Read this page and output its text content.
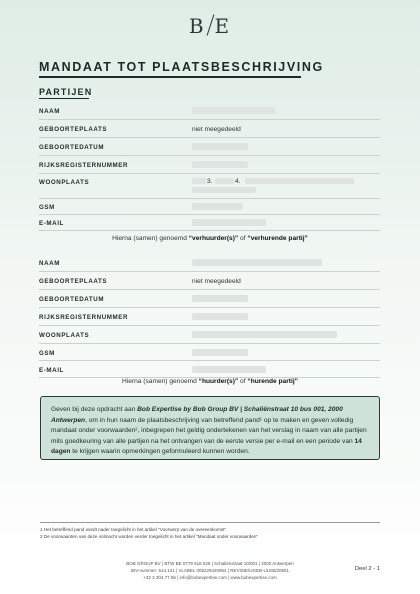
B E
MANDAAT TOT PLAATSBESCHRIJVING
PARTIJEN
NAAM
GEBOORTEPLAATS	niet meegedeeld
GEBOORTEDATUM
RIJKSREGISTERNUMMER
WOONPLAATS	3.	4.
GSM
E-MAIL
Hierna (samen) genoemd “verhuurder(s)” of “verhurende partij”
NAAM
GEBOORTEPLAATS	niet meegedeeld
GEBOORTEDATUM
RIJKSREGISTERNUMMER
WOONPLAATS
GSM
E-MAIL
Hierna (samen) genoemd “huurder(s)” of “hurende partij”
Geven bij deze opdracht aan Bob Expertise by Bob Group BV | Schaliënstraat 10 bus 001, 2000 Antwerpen, om in hun naam de plaatsbeschrijving van betreffend pand¹ op te maken en geven volledig mandaat onder voorwaarden², inbegrepen het geldig ondertekenen van het verslag in naam van alle partijen mits goedkeuring van alle partijen na het ontvangen van de eerste versie per e-mail en een periode van 14 dagen te krijgen waarin opmerkingen geformuleerd kunnen worden.
1 Het betreffend pand wordt nader toegelicht in het artikel "Voorwerp van de overeenkomst"
2 De voorwaarden van deze volmacht worden verder toegelicht in het artikel "Mandaat onder voorwaarden"
BOB GROUP BV | BTW BE 0779 518 526 | Schaliënstraat 10/001 | 2000 Antwerpen
BIV-nummer: 514.121 | VLABEL 005229420964 | REVISIE/UGEB-ULEB/20551
+32 3 304 77 66 | info@bobexpertise.com | www.bobexpertise.com
Deel 2 - 1
